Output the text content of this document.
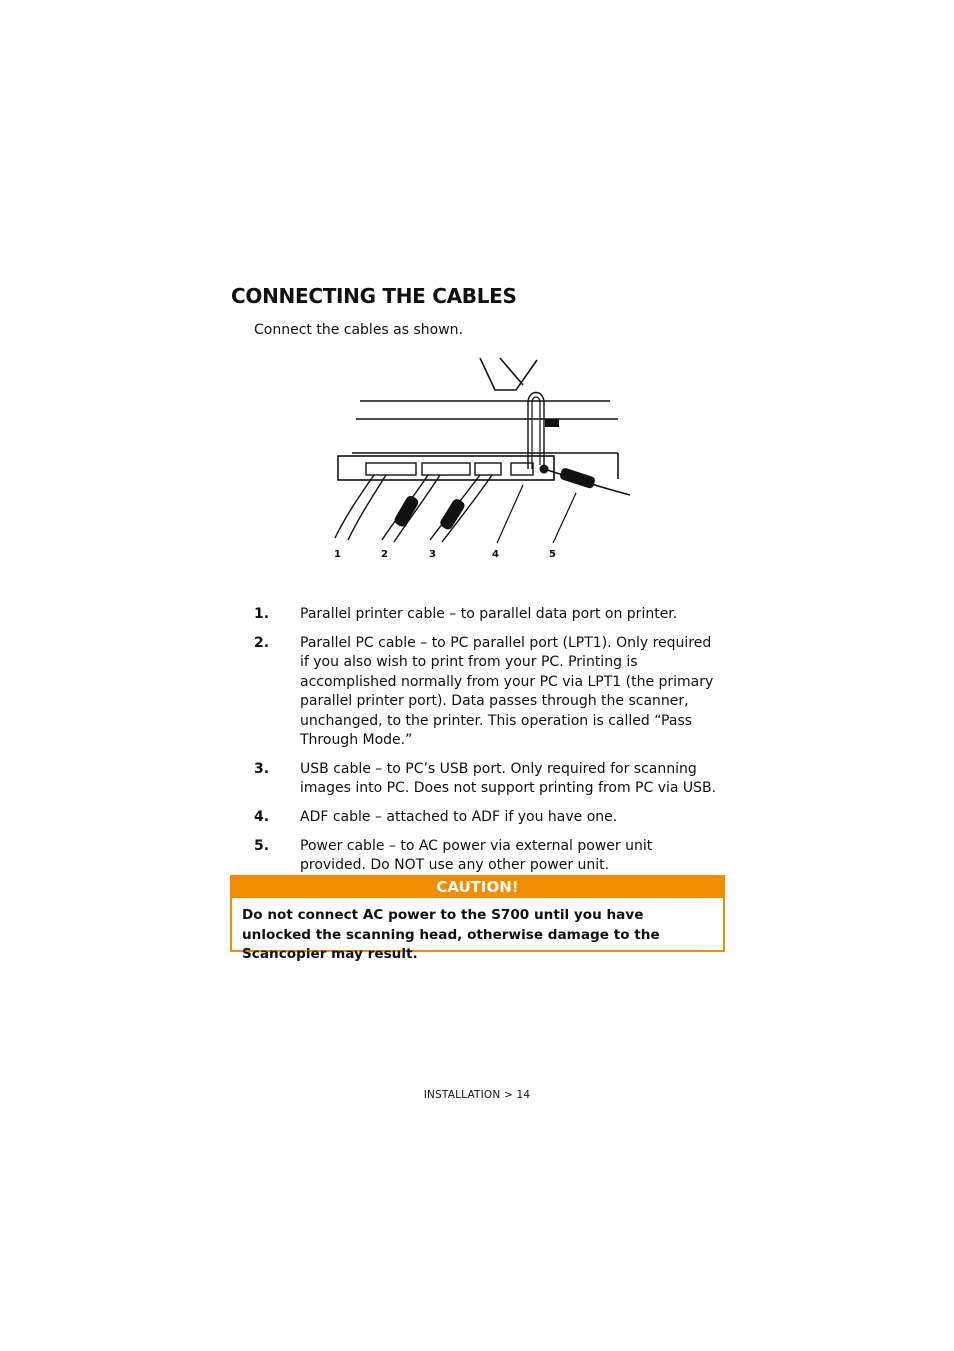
CONNECTING THE CABLES
Connect the cables as shown.
1	2	3	4	5
1.	Parallel printer cable – to parallel data port on printer.
2.	Parallel PC cable – to PC parallel port (LPT1). Only required if you also wish to print from your PC. Printing is accomplished normally from your PC via LPT1 (the primary parallel printer port). Data passes through the scanner, unchanged, to the printer. This operation is called “Pass Through Mode.”
3.	USB cable – to PC’s USB port. Only required for scanning images into PC. Does not support printing from PC via USB.
4.	ADF cable – attached to ADF if you have one.
5.	Power cable – to AC power via external power unit provided. Do NOT use any other power unit.
CAUTION!
Do not connect AC power to the S700 until you have unlocked the scanning head, otherwise damage to the Scancopier may result.
INSTALLATION > 14
